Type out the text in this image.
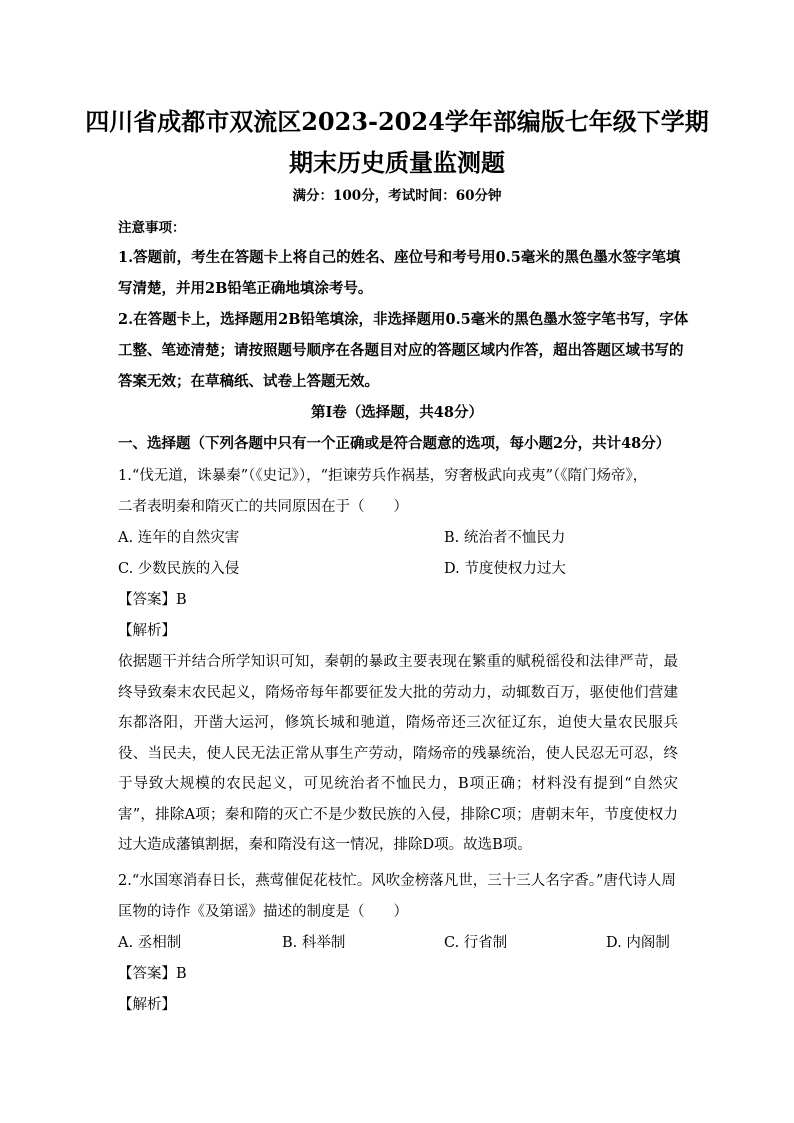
四川省成都市双流区2023-2024学年部编版七年级下学期
期末历史质量监测题
满分：100分，考试时间：60分钟
注意事项：
1.答题前，考生在答题卡上将自己的姓名、座位号和考号用0.5毫米的黑色墨水签字笔填
写清楚，并用2B铅笔正确地填涂考号。
2.在答题卡上，选择题用2B铅笔填涂，非选择题用0.5毫米的黑色墨水签字笔书写，字体
工整、笔迹清楚；请按照题号顺序在各题目对应的答题区域内作答，超出答题区域书写的
答案无效；在草稿纸、试卷上答题无效。
第Ⅰ卷（选择题，共48分）
一、选择题（下列各题中只有一个正确或是符合题意的选项，每小题2分，共计48分）
1.“伐无道，诛暴秦”（《史记》），“拒谏劳兵作祸基，穷奢极武向戎夷”（《隋门炀帝》，
二者表明秦和隋灭亡的共同原因在于（　　）
A. 连年的自然灾害	B. 统治者不恤民力
C. 少数民族的入侵	D. 节度使权力过大
【答案】B
【解析】
依据题干并结合所学知识可知，秦朝的暴政主要表现在繁重的赋税徭役和法律严苛，最终导致秦末农民起义，隋炀帝每年都要征发大批的劳动力，动辄数百万，驱使他们营建东都洛阳，开凿大运河，修筑长城和驰道，隋炀帝还三次征辽东，迫使大量农民服兵役、当民夫，使人民无法正常从事生产劳动，隋炀帝的残暴统治，使人民忍无可忍，终于导致大规模的农民起义，可见统治者不恤民力，B项正确；材料没有提到“自然灾害”，排除A项；秦和隋的灭亡不是少数民族的入侵，排除C项；唐朝末年，节度使权力过大造成藩镇割据，秦和隋没有这一情况，排除D项。故选B项。
2.“水国寒消春日长，燕莺催促花枝忙。风吹金榜落凡世，三十三人名字香。”唐代诗人周
匡物的诗作《及第谣》描述的制度是（　　）
A. 丞相制	B. 科举制	C. 行省制	D. 内阁制
【答案】B
【解析】
